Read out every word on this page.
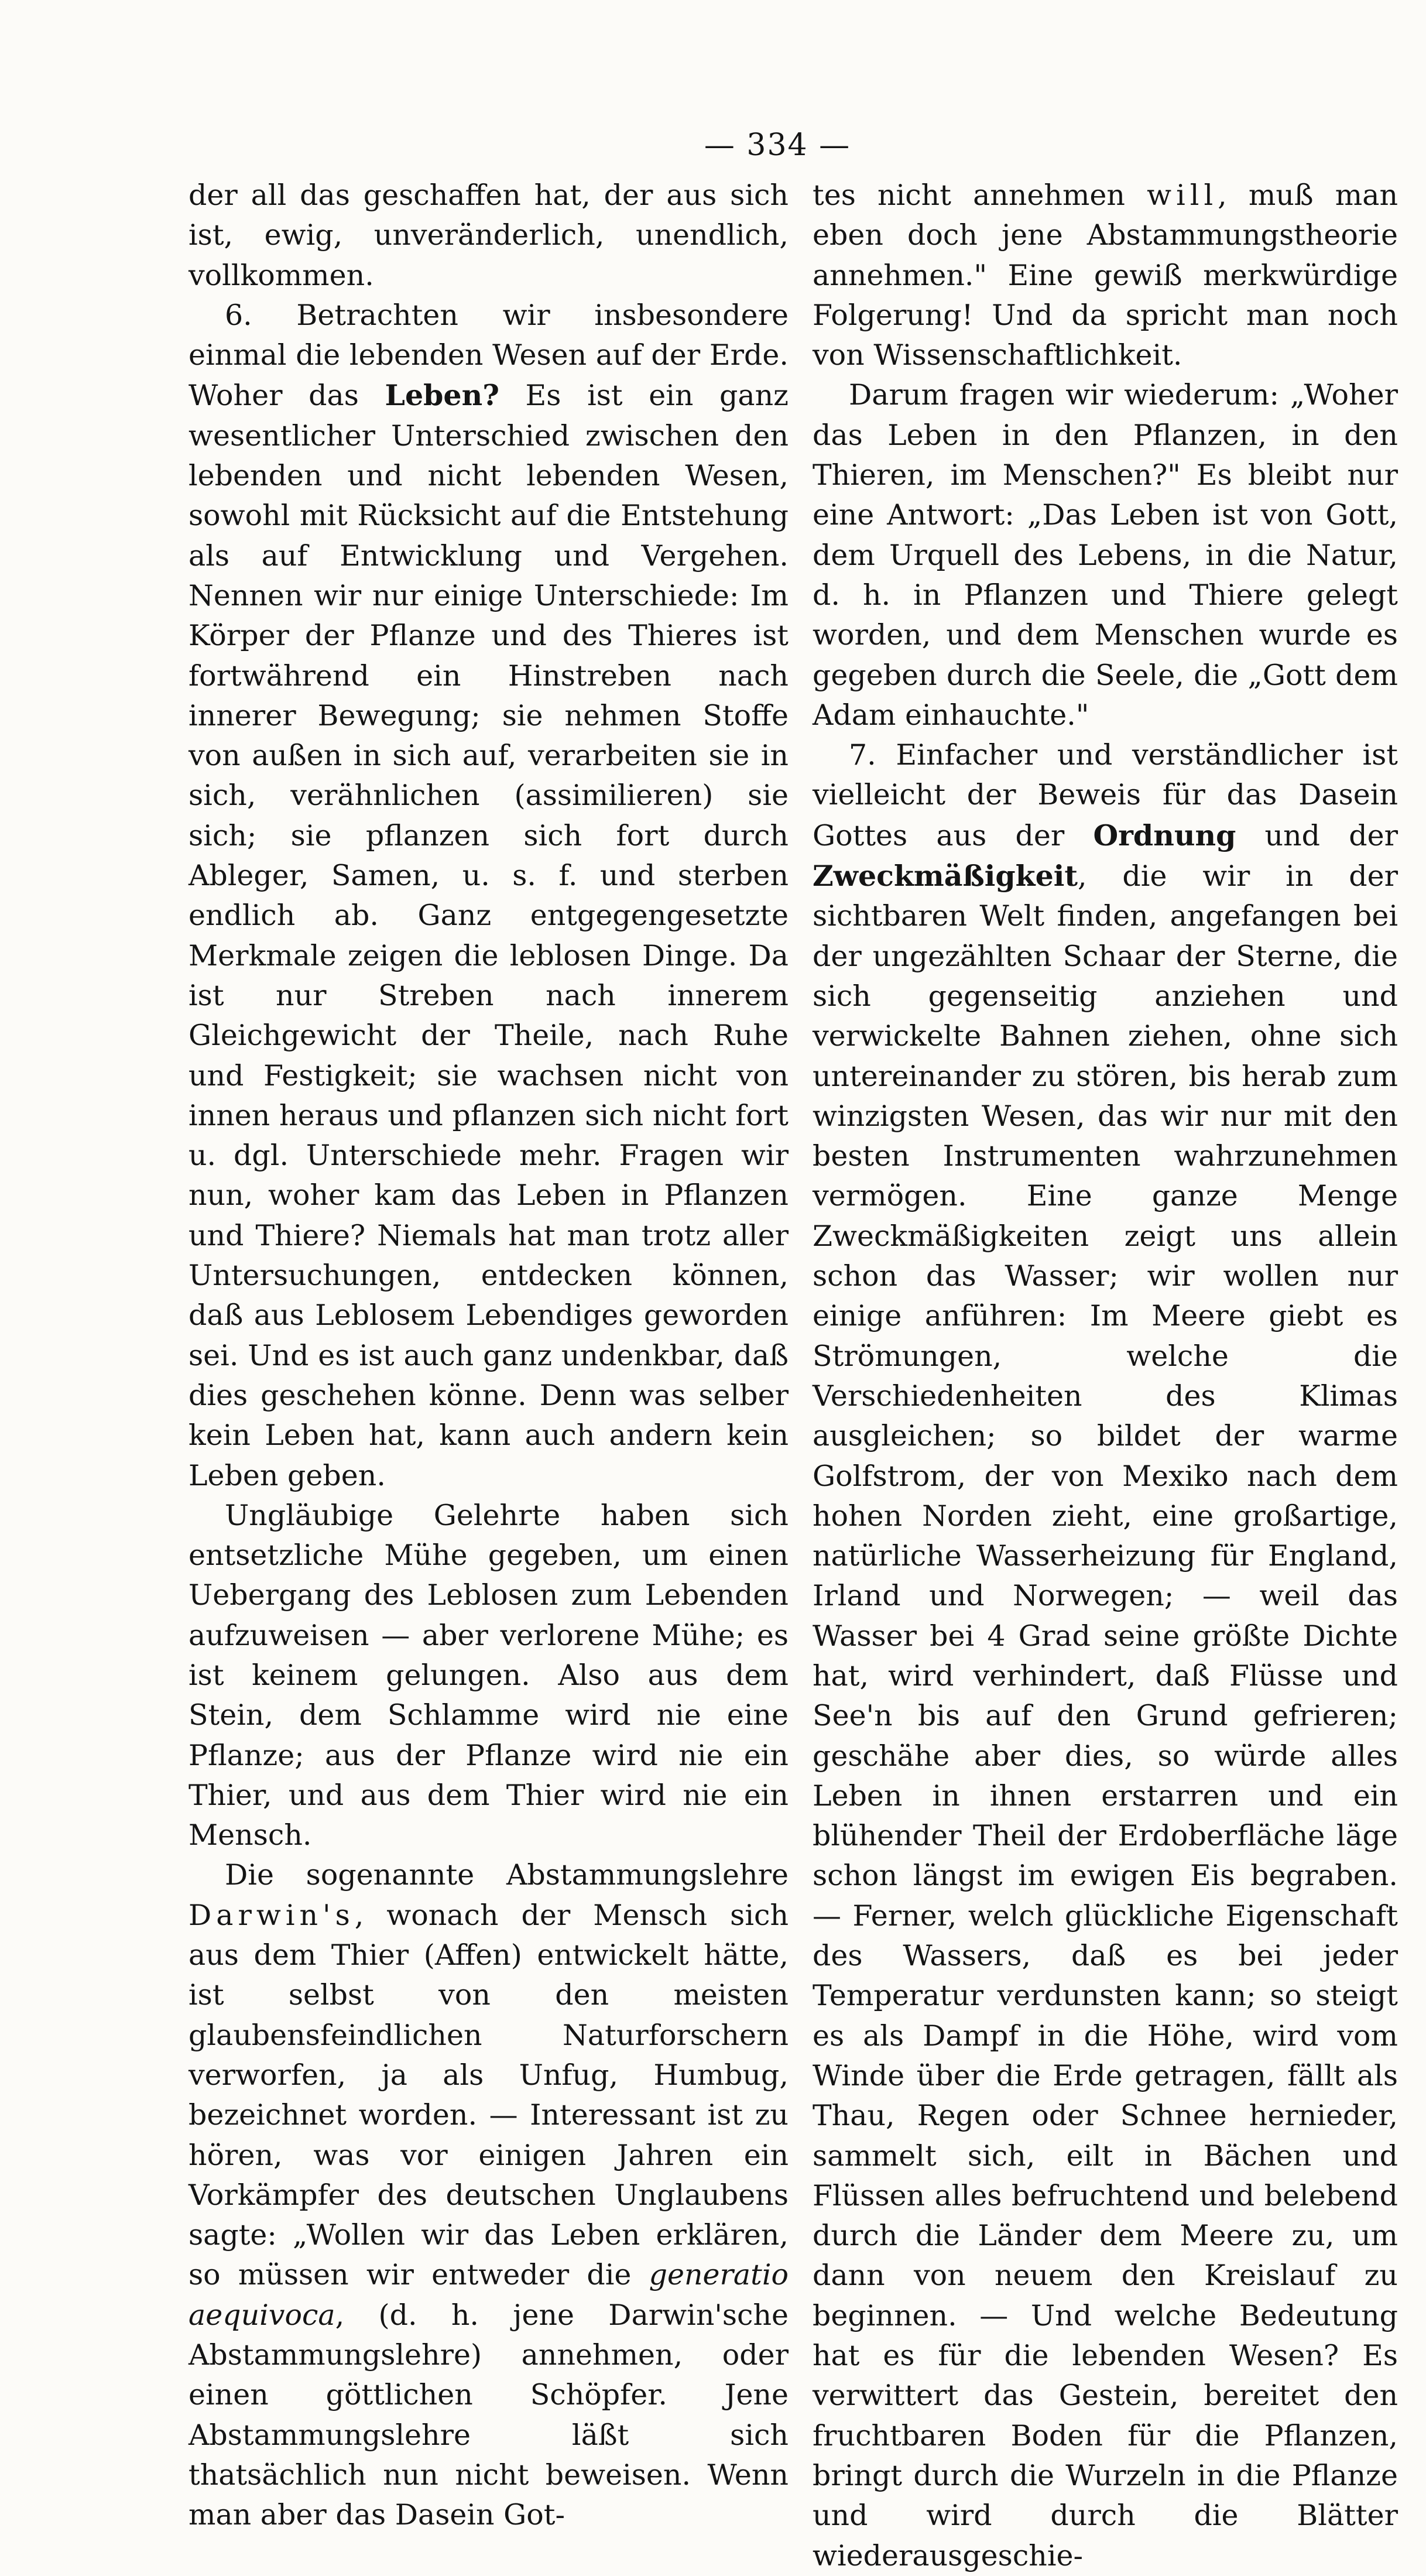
— 334 —

der all das geschaffen hat, der aus sich ist, ewig, unveränderlich, unendlich, vollkommen.

6. Betrachten wir insbesondere einmal die lebenden Wesen auf der Erde. Woher das Leben? Es ist ein ganz wesentlicher Unterschied zwischen den lebenden und nicht lebenden Wesen, sowohl mit Rücksicht auf die Entstehung als auf Entwicklung und Vergehen. Nennen wir nur einige Unterschiede: Im Körper der Pflanze und des Thieres ist fortwährend ein Hinstreben nach innerer Bewegung; sie nehmen Stoffe von außen in sich auf, verarbeiten sie in sich, verähnlichen (assimilieren) sie sich; sie pflanzen sich fort durch Ableger, Samen, u. s. f. und sterben endlich ab. Ganz entgegengesetzte Merkmale zeigen die leblosen Dinge. Da ist nur Streben nach innerem Gleichgewicht der Theile, nach Ruhe und Festigkeit; sie wachsen nicht von innen heraus und pflanzen sich nicht fort u. dgl. Unterschiede mehr. Fragen wir nun, woher kam das Leben in Pflanzen und Thiere? Niemals hat man trotz aller Untersuchungen, entdecken können, daß aus Leblosem Lebendiges geworden sei. Und es ist auch ganz undenkbar, daß dies geschehen könne. Denn was selber kein Leben hat, kann auch andern kein Leben geben.

Ungläubige Gelehrte haben sich entsetzliche Mühe gegeben, um einen Uebergang des Leblosen zum Lebenden aufzuweisen — aber verlorene Mühe; es ist keinem gelungen. Also aus dem Stein, dem Schlamme wird nie eine Pflanze; aus der Pflanze wird nie ein Thier, und aus dem Thier wird nie ein Mensch.

Die sogenannte Abstammungslehre Darwin's, wonach der Mensch sich aus dem Thier (Affen) entwickelt hätte, ist selbst von den meisten glaubensfeindlichen Naturforschern verworfen, ja als Unfug, Humbug, bezeichnet worden. — Interessant ist zu hören, was vor einigen Jahren ein Vorkämpfer des deutschen Unglaubens sagte: „Wollen wir das Leben erklären, so müssen wir entweder die generatio aequivoca, (d. h. jene Darwin'sche Abstammungslehre) annehmen, oder einen göttlichen Schöpfer. Jene Abstammungslehre läßt sich thatsächlich nun nicht beweisen. Wenn man aber das Dasein Got-

tes nicht annehmen will, muß man eben doch jene Abstammungstheorie annehmen." Eine gewiß merkwürdige Folgerung! Und da spricht man noch von Wissenschaftlichkeit.

Darum fragen wir wiederum: „Woher das Leben in den Pflanzen, in den Thieren, im Menschen?" Es bleibt nur eine Antwort: „Das Leben ist von Gott, dem Urquell des Lebens, in die Natur, d. h. in Pflanzen und Thiere gelegt worden, und dem Menschen wurde es gegeben durch die Seele, die „Gott dem Adam einhauchte."

7. Einfacher und verständlicher ist vielleicht der Beweis für das Dasein Gottes aus der Ordnung und der Zweckmäßigkeit, die wir in der sichtbaren Welt finden, angefangen bei der ungezählten Schaar der Sterne, die sich gegenseitig anziehen und verwickelte Bahnen ziehen, ohne sich untereinander zu stören, bis herab zum winzigsten Wesen, das wir nur mit den besten Instrumenten wahrzunehmen vermögen. Eine ganze Menge Zweckmäßigkeiten zeigt uns allein schon das Wasser; wir wollen nur einige anführen: Im Meere giebt es Strömungen, welche die Verschiedenheiten des Klimas ausgleichen; so bildet der warme Golfstrom, der von Mexiko nach dem hohen Norden zieht, eine großartige, natürliche Wasserheizung für England, Irland und Norwegen; — weil das Wasser bei 4 Grad seine größte Dichte hat, wird verhindert, daß Flüsse und See'n bis auf den Grund gefrieren; geschähe aber dies, so würde alles Leben in ihnen erstarren und ein blühender Theil der Erdoberfläche läge schon längst im ewigen Eis begraben. — Ferner, welch glückliche Eigenschaft des Wassers, daß es bei jeder Temperatur verdunsten kann; so steigt es als Dampf in die Höhe, wird vom Winde über die Erde getragen, fällt als Thau, Regen oder Schnee hernieder, sammelt sich, eilt in Bächen und Flüssen alles befruchtend und belebend durch die Länder dem Meere zu, um dann von neuem den Kreislauf zu beginnen. — Und welche Bedeutung hat es für die lebenden Wesen? Es verwittert das Gestein, bereitet den fruchtbaren Boden für die Pflanzen, bringt durch die Wurzeln in die Pflanze und wird durch die Blätter wiederausgeschie-
